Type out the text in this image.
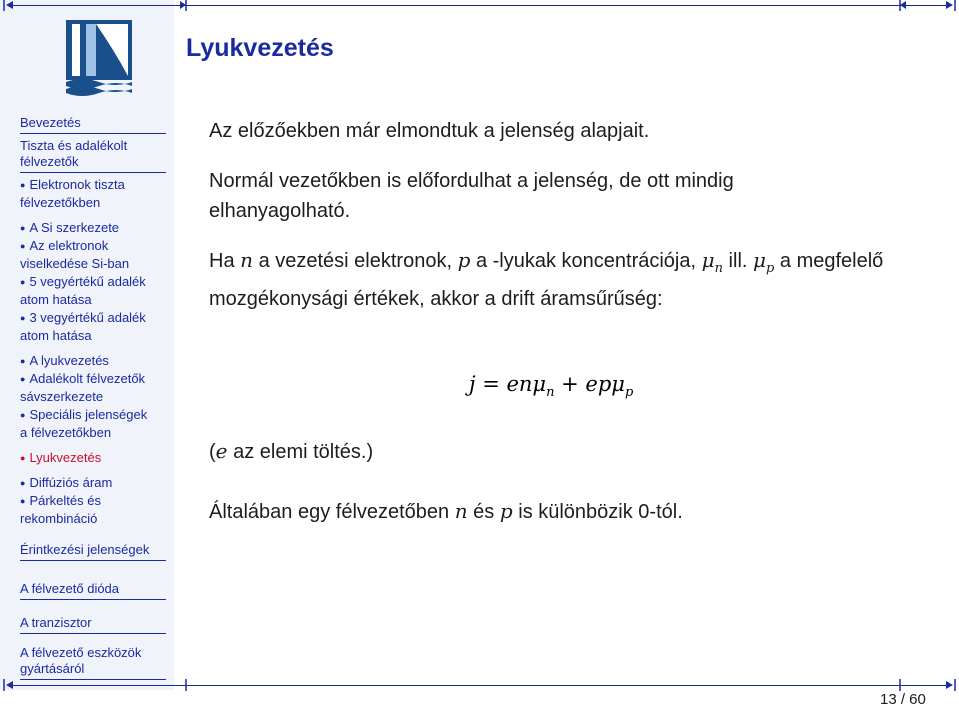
Bevezetés
Tiszta és adalékolt félvezetők
● Elektronok tiszta
félvezetőkben
● A Si szerkezete
● Az elektronok
viselkedése Si-ban
● 5 vegyértékű adalék
atom hatása
● 3 vegyértékű adalék
atom hatása
● A lyukvezetés
● Adalékolt félvezetők
sávszerkezete
● Speciális jelenségek
a félvezetőkben
● Lyukvezetés
● Diffúziós áram
● Párkeltés és
rekombináció
Érintkezési jelenségek
A félvezető dióda
A tranzisztor
A félvezető eszközök gyártásáról
Lyukvezetés

Az előzőekben már elmondtuk a jelenség alapjait.

Normál vezetőkben is előfordulhat a jelenség, de ott mindig elhanyagolható.

Ha n a vezetési elektronok, p a -lyukak koncentrációja, $\mu_n$ ill. $\mu_p$ a megfelelő mozgékonysági értékek, akkor a drift áramsűrűség:

j = enμ$_n$ + epμ$_p$

(e az elemi töltés.)

Általában egy félvezetőben n és p is különbözik 0-tól.

13 / 60
